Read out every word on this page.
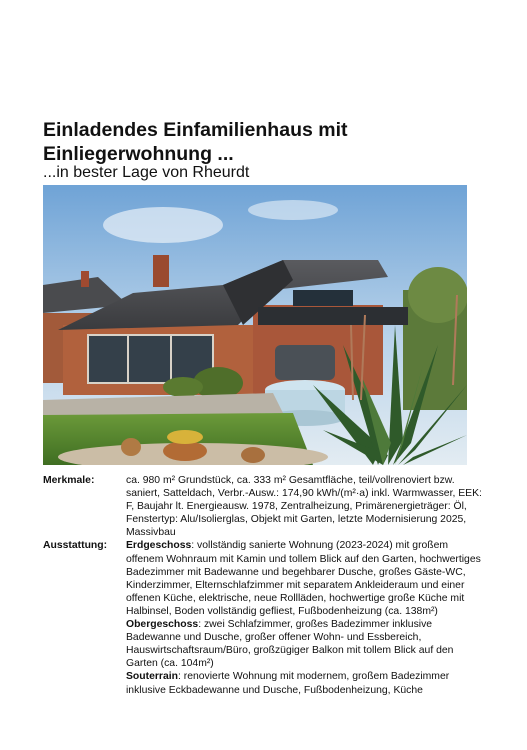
Einladendes Einfamilienhaus mit
Einliegerwohnung ...
...in bester Lage von Rheurdt
Merkmale:	ca. 980 m² Grundstück, ca. 333 m² Gesamtfläche, teil/vollrenoviert bzw. saniert, Satteldach, Verbr.-Ausw.: 174,90 kWh/(m²·a) inkl. Warmwasser, EEK: F, Baujahr lt. Energieausw. 1978, Zentralheizung, Primärenergieträger: Öl, Fenstertyp: Alu/Isolierglas, Objekt mit Garten, letzte Modernisierung 2025, Massivbau
Ausstattung:	Erdgeschoss: vollständig sanierte Wohnung (2023-2024) mit großem offenem Wohnraum mit Kamin und tollem Blick auf den Garten, hochwertiges Badezimmer mit Badewanne und begehbarer Dusche, großes Gäste-WC, Kinderzimmer, Elternschlafzimmer mit separatem Ankleideraum und einer offenen Küche, elektrische, neue Rollläden, hochwertige große Küche mit Halbinsel, Boden vollständig gefliest, Fußbodenheizung (ca. 138m²)

Obergeschoss: zwei Schlafzimmer, großes Badezimmer inklusive Badewanne und Dusche, großer offener Wohn- und Essbereich, Hauswirtschaftsraum/Büro, großzügiger Balkon mit tollem Blick auf den Garten (ca. 104m²)

Souterrain: renovierte Wohnung mit modernem, großem Badezimmer inklusive Eckbadewanne und Dusche, Fußbodenheizung, Küche
